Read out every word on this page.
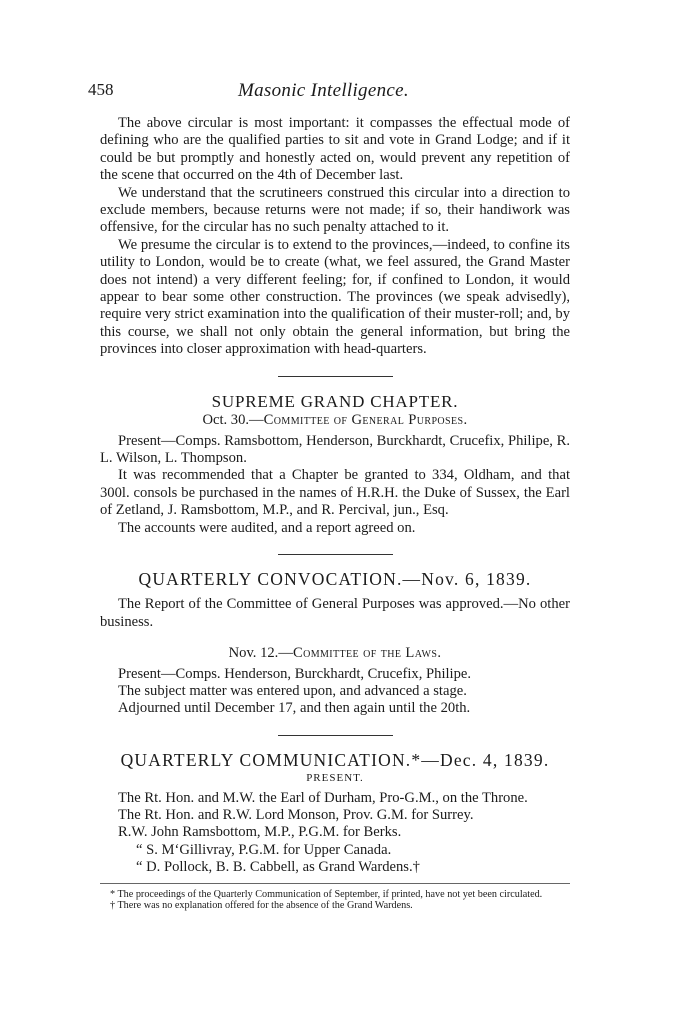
458	Masonic Intelligence.

The above circular is most important: it compasses the effectual mode of defining who are the qualified parties to sit and vote in Grand Lodge; and if it could be but promptly and honestly acted on, would prevent any repetition of the scene that occurred on the 4th of December last.

We understand that the scrutineers construed this circular into a direction to exclude members, because returns were not made; if so, their handiwork was offensive, for the circular has no such penalty attached to it.

We presume the circular is to extend to the provinces,—indeed, to confine its utility to London, would be to create (what, we feel assured, the Grand Master does not intend) a very different feeling; for, if confined to London, it would appear to bear some other construction. The provinces (we speak advisedly), require very strict examination into the qualification of their muster-roll; and, by this course, we shall not only obtain the general information, but bring the provinces into closer approximation with head-quarters.

SUPREME GRAND CHAPTER.
Oct. 30.—Committee of General Purposes.

Present—Comps. Ramsbottom, Henderson, Burckhardt, Crucefix, Philipe, R. L. Wilson, L. Thompson.

It was recommended that a Chapter be granted to 334, Oldham, and that 300l. consols be purchased in the names of H.R.H. the Duke of Sussex, the Earl of Zetland, J. Ramsbottom, M.P., and R. Percival, jun., Esq.

The accounts were audited, and a report agreed on.

QUARTERLY CONVOCATION.—Nov. 6, 1839.

The Report of the Committee of General Purposes was approved.—No other business.

Nov. 12.—Committee of the Laws.

Present—Comps. Henderson, Burckhardt, Crucefix, Philipe.

The subject matter was entered upon, and advanced a stage.

Adjourned until December 17, and then again until the 20th.

QUARTERLY COMMUNICATION.*—Dec. 4, 1839.
PRESENT.

The Rt. Hon. and M.W. the Earl of Durham, Pro-G.M., on the Throne.

The Rt. Hon. and R.W. Lord Monson, Prov. G.M. for Surrey.

R.W. John Ramsbottom, M.P., P.G.M. for Berks.

“ S. M‘Gillivray, P.G.M. for Upper Canada.

“ D. Pollock, B. B. Cabbell, as Grand Wardens.†

* The proceedings of the Quarterly Communication of September, if printed, have not yet been circulated.

† There was no explanation offered for the absence of the Grand Wardens.
